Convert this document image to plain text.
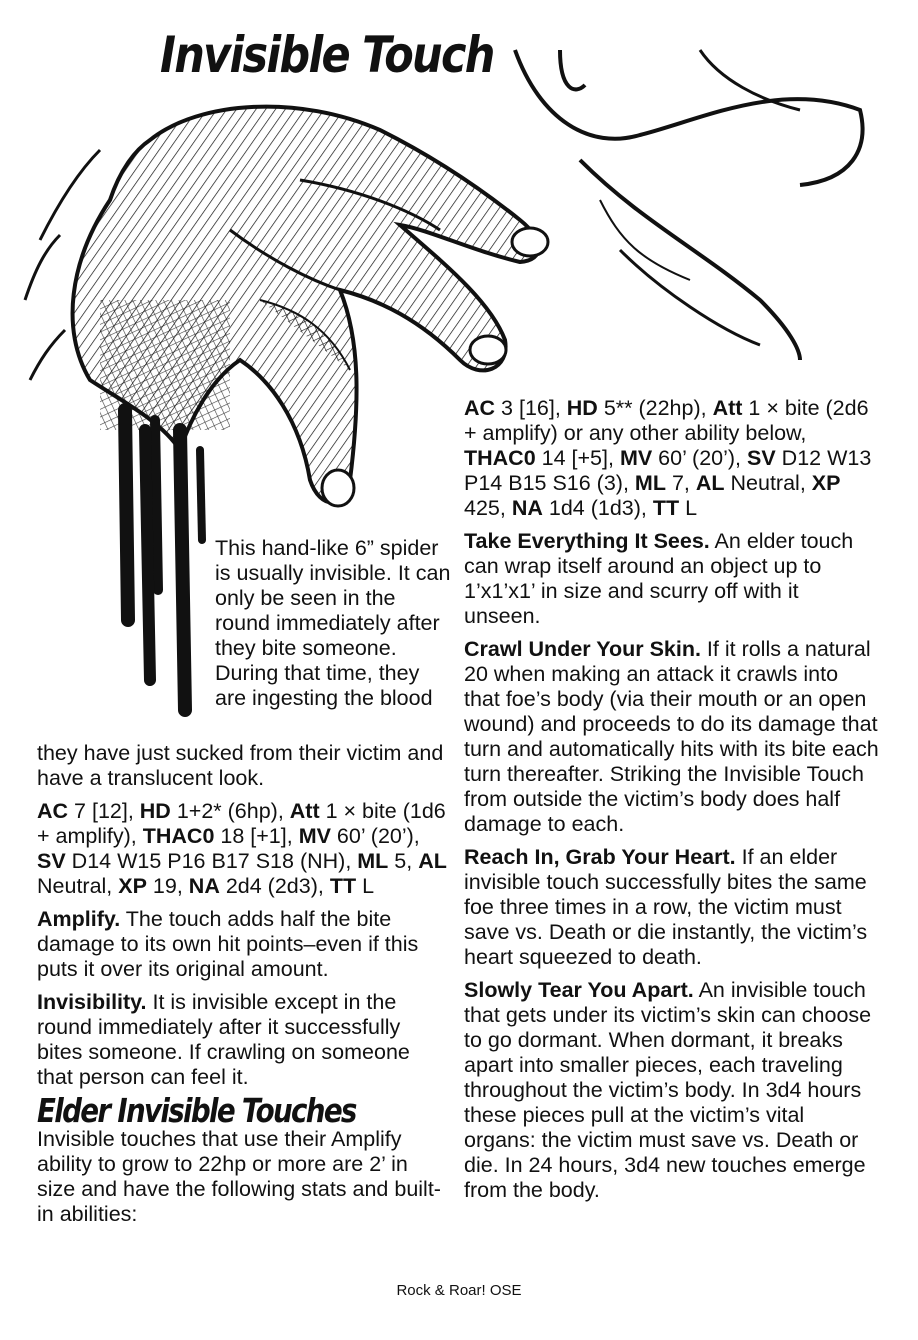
Invisible Touch
This hand-like 6” spider is usually invisible. It can only be seen in the round immediately after they bite someone. During that time, they are ingesting the blood

they have just sucked from their victim and have a translucent look.

AC 7 [12], HD 1+2* (6hp), Att 1 × bite (1d6 + amplify), THAC0 18 [+1], MV 60’ (20’), SV D14 W15 P16 B17 S18 (NH), ML 5, AL Neutral, XP 19, NA 2d4 (2d3), TT L

Amplify. The touch adds half the bite damage to its own hit points–even if this puts it over its original amount.

Invisibility. It is invisible except in the round immediately after it successfully bites someone. If crawling on someone that person can feel it.

Elder Invisible Touches

Invisible touches that use their Amplify ability to grow to 22hp or more are 2’ in size and have the following stats and built-in abilities:

AC 3 [16], HD 5** (22hp), Att 1 × bite (2d6 + amplify) or any other ability below, THAC0 14 [+5], MV 60’ (20’), SV D12 W13 P14 B15 S16 (3), ML 7, AL Neutral, XP 425, NA 1d4 (1d3), TT L

Take Everything It Sees. An elder touch can wrap itself around an object up to 1’x1’x1’ in size and scurry off with it unseen.

Crawl Under Your Skin. If it rolls a natural 20 when making an attack it crawls into that foe’s body (via their mouth or an open wound) and proceeds to do its damage that turn and automatically hits with its bite each turn thereafter. Striking the Invisible Touch from outside the victim’s body does half damage to each.

Reach In, Grab Your Heart. If an elder invisible touch successfully bites the same foe three times in a row, the victim must save vs. Death or die instantly, the victim’s heart squeezed to death.

Slowly Tear You Apart. An invisible touch that gets under its victim’s skin can choose to go dormant. When dormant, it breaks apart into smaller pieces, each traveling throughout the victim’s body. In 3d4 hours these pieces pull at the victim’s vital organs: the victim must save vs. Death or die. In 24 hours, 3d4 new touches emerge from the body.

Rock & Roar! OSE
